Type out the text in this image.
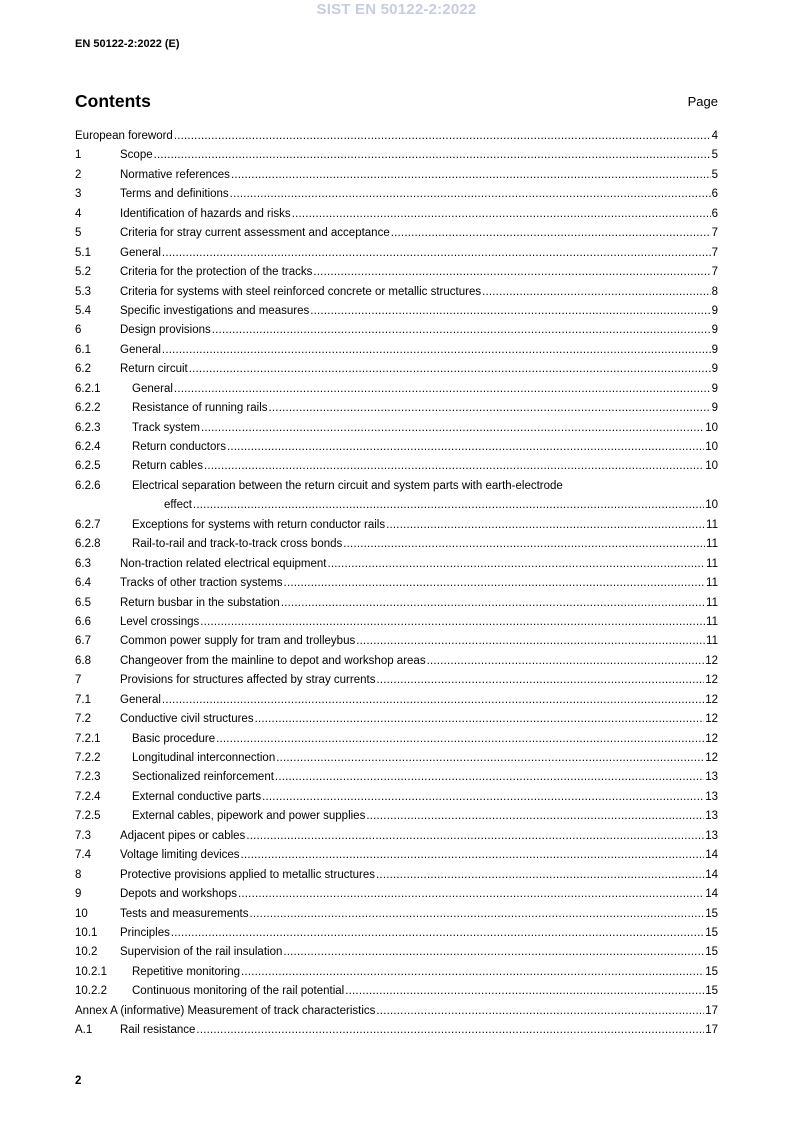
SIST EN 50122-2:2022
EN 50122-2:2022 (E)
Contents	Page
European foreword .....	4
1	Scope .....	5
2	Normative references .....	5
3	Terms and definitions .....	6
4	Identification of hazards and risks .....	6
5	Criteria for stray current assessment and acceptance .....	7
5.1	General .....	7
5.2	Criteria for the protection of the tracks .....	7
5.3	Criteria for systems with steel reinforced concrete or metallic structures .....	8
5.4	Specific investigations and measures .....	9
6	Design provisions .....	9
6.1	General .....	9
6.2	Return circuit .....	9
6.2.1	General .....	9
6.2.2	Resistance of running rails .....	9
6.2.3	Track system .....	10
6.2.4	Return conductors .....	10
6.2.5	Return cables .....	10
6.2.6	Electrical separation between the return circuit and system parts with earth-electrode
effect .....	10
6.2.7	Exceptions for systems with return conductor rails .....	11
6.2.8	Rail-to-rail and track-to-track cross bonds .....	11
6.3	Non-traction related electrical equipment .....	11
6.4	Tracks of other traction systems .....	11
6.5	Return busbar in the substation .....	11
6.6	Level crossings .....	11
6.7	Common power supply for tram and trolleybus .....	11
6.8	Changeover from the mainline to depot and workshop areas .....	12
7	Provisions for structures affected by stray currents .....	12
7.1	General .....	12
7.2	Conductive civil structures .....	12
7.2.1	Basic procedure .....	12
7.2.2	Longitudinal interconnection .....	12
7.2.3	Sectionalized reinforcement .....	13
7.2.4	External conductive parts .....	13
7.2.5	External cables, pipework and power supplies .....	13
7.3	Adjacent pipes or cables .....	13
7.4	Voltage limiting devices .....	14
8	Protective provisions applied to metallic structures .....	14
9	Depots and workshops .....	14
10	Tests and measurements .....	15
10.1 Principles .....	15
10.2 Supervision of the rail insulation .....	15
10.2.1 Repetitive monitoring .....	15
10.2.2 Continuous monitoring of the rail potential .....	15
Annex A (informative) Measurement of track characteristics .....	17
A.1 Rail resistance .....	17
2
